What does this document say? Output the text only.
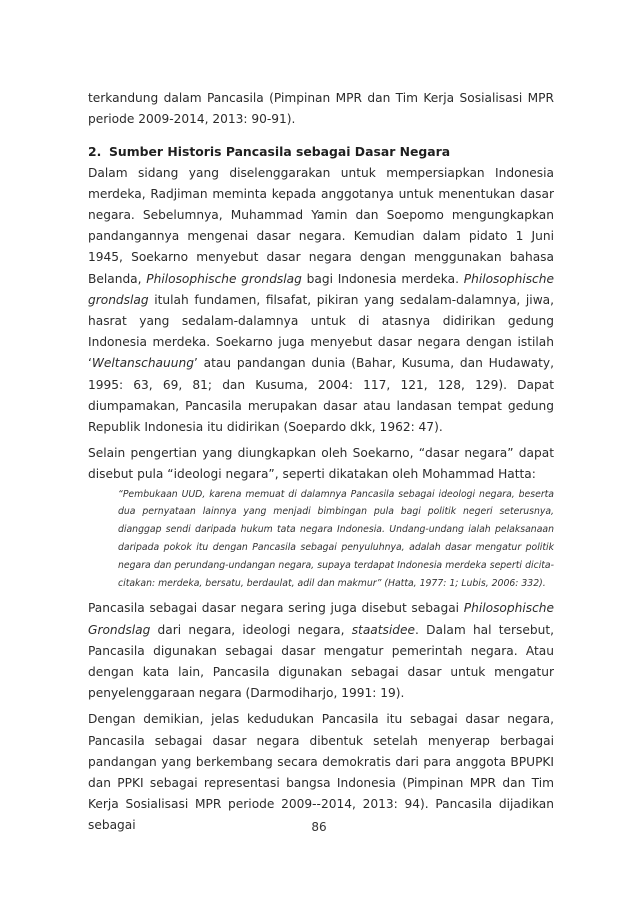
terkandung dalam Pancasila (Pimpinan MPR dan Tim Kerja Sosialisasi MPR periode 2009-2014, 2013: 90-91).

2. Sumber Historis Pancasila sebagai Dasar Negara

Dalam sidang yang diselenggarakan untuk mempersiapkan Indonesia merdeka, Radjiman meminta kepada anggotanya untuk menentukan dasar negara. Sebelumnya, Muhammad Yamin dan Soepomo mengungkapkan pandangannya mengenai dasar negara. Kemudian dalam pidato 1 Juni 1945, Soekarno menyebut dasar negara dengan menggunakan bahasa Belanda, Philosophische grondslag bagi Indonesia merdeka. Philosophische grondslag itulah fundamen, filsafat, pikiran yang sedalam-dalamnya, jiwa, hasrat yang sedalam-dalamnya untuk di atasnya didirikan gedung Indonesia merdeka. Soekarno juga menyebut dasar negara dengan istilah ‘Weltanschauung’ atau pandangan dunia (Bahar, Kusuma, dan Hudawaty, 1995: 63, 69, 81; dan Kusuma, 2004: 117, 121, 128, 129). Dapat diumpamakan, Pancasila merupakan dasar atau landasan tempat gedung Republik Indonesia itu didirikan (Soepardo dkk, 1962: 47).

Selain pengertian yang diungkapkan oleh Soekarno, “dasar negara” dapat disebut pula “ideologi negara”, seperti dikatakan oleh Mohammad Hatta:

“Pembukaan UUD, karena memuat di dalamnya Pancasila sebagai ideologi negara, beserta dua pernyataan lainnya yang menjadi bimbingan pula bagi politik negeri seterusnya, dianggap sendi daripada hukum tata negara Indonesia. Undang-undang ialah pelaksanaan daripada pokok itu dengan Pancasila sebagai penyuluhnya, adalah dasar mengatur politik negara dan perundang-undangan negara, supaya terdapat Indonesia merdeka seperti dicita-citakan: merdeka, bersatu, berdaulat, adil dan makmur” (Hatta, 1977: 1; Lubis, 2006: 332).

Pancasila sebagai dasar negara sering juga disebut sebagai Philosophische Grondslag dari negara, ideologi negara, staatsidee. Dalam hal tersebut, Pancasila digunakan sebagai dasar mengatur pemerintah negara. Atau dengan kata lain, Pancasila digunakan sebagai dasar untuk mengatur penyelenggaraan negara (Darmodiharjo, 1991: 19).

Dengan demikian, jelas kedudukan Pancasila itu sebagai dasar negara, Pancasila sebagai dasar negara dibentuk setelah menyerap berbagai pandangan yang berkembang secara demokratis dari para anggota BPUPKI dan PPKI sebagai representasi bangsa Indonesia (Pimpinan MPR dan Tim Kerja Sosialisasi MPR periode 2009--2014, 2013: 94). Pancasila dijadikan sebagai	86
